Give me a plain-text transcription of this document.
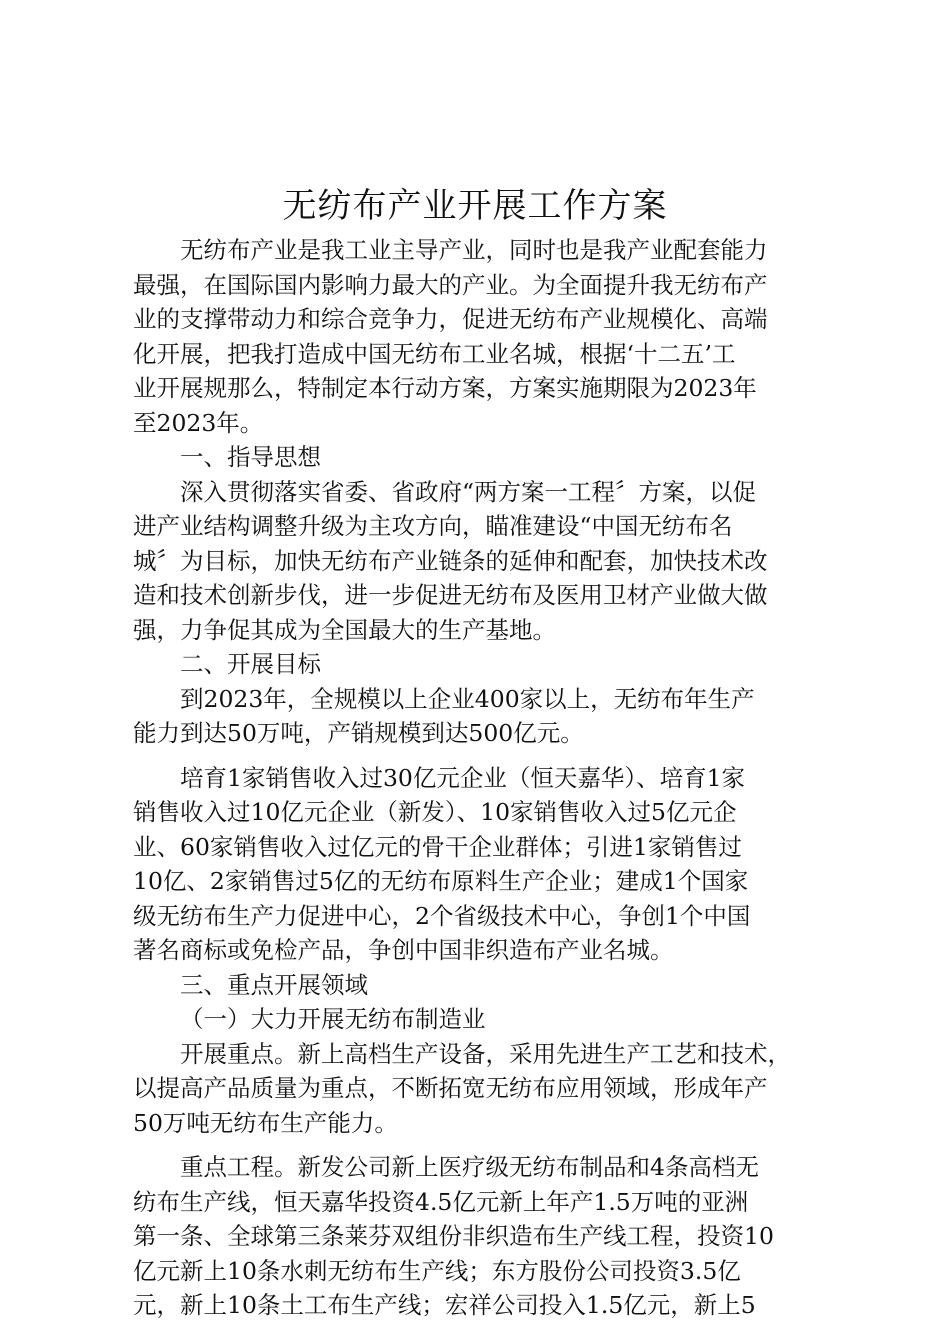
无纺布产业开展工作方案

无纺布产业是我工业主导产业，同时也是我产业配套能力
最强，在国际国内影响力最大的产业。为全面提升我无纺布产
业的支撑带动力和综合竞争力，促进无纺布产业规模化、高端
化开展，把我打造成中国无纺布工业名城，根据‘十二五’工
业开展规那么，特制定本行动方案，方案实施期限为2023年
至2023年。

一、指导思想

深入贯彻落实省委、省政府“两方案一工程〞方案，以促
进产业结构调整升级为主攻方向，瞄准建设“中国无纺布名
城〞为目标，加快无纺布产业链条的延伸和配套，加快技术改
造和技术创新步伐，进一步促进无纺布及医用卫材产业做大做
强，力争促其成为全国最大的生产基地。

二、开展目标

到2023年，全规模以上企业400家以上，无纺布年生产
能力到达50万吨，产销规模到达500亿元。

培育1家销售收入过30亿元企业（恒天嘉华）、培育1家
销售收入过10亿元企业（新发）、10家销售收入过5亿元企
业、60家销售收入过亿元的骨干企业群体；引进1家销售过
10亿、2家销售过5亿的无纺布原料生产企业；建成1个国家
级无纺布生产力促进中心，2个省级技术中心，争创1个中国
著名商标或免检产品，争创中国非织造布产业名城。

三、重点开展领域

（一）大力开展无纺布制造业

开展重点。新上高档生产设备，采用先进生产工艺和技术，
以提高产品质量为重点，不断拓宽无纺布应用领域，形成年产
50万吨无纺布生产能力。

重点工程。新发公司新上医疗级无纺布制品和4条高档无
纺布生产线，恒天嘉华投资4.5亿元新上年产1.5万吨的亚洲
第一条、全球第三条莱芬双组份非织造布生产线工程，投资10
亿元新上10条水刺无纺布生产线；东方股份公司投资3.5亿
元，新上10条土工布生产线；宏祥公司投入1.5亿元，新上5
